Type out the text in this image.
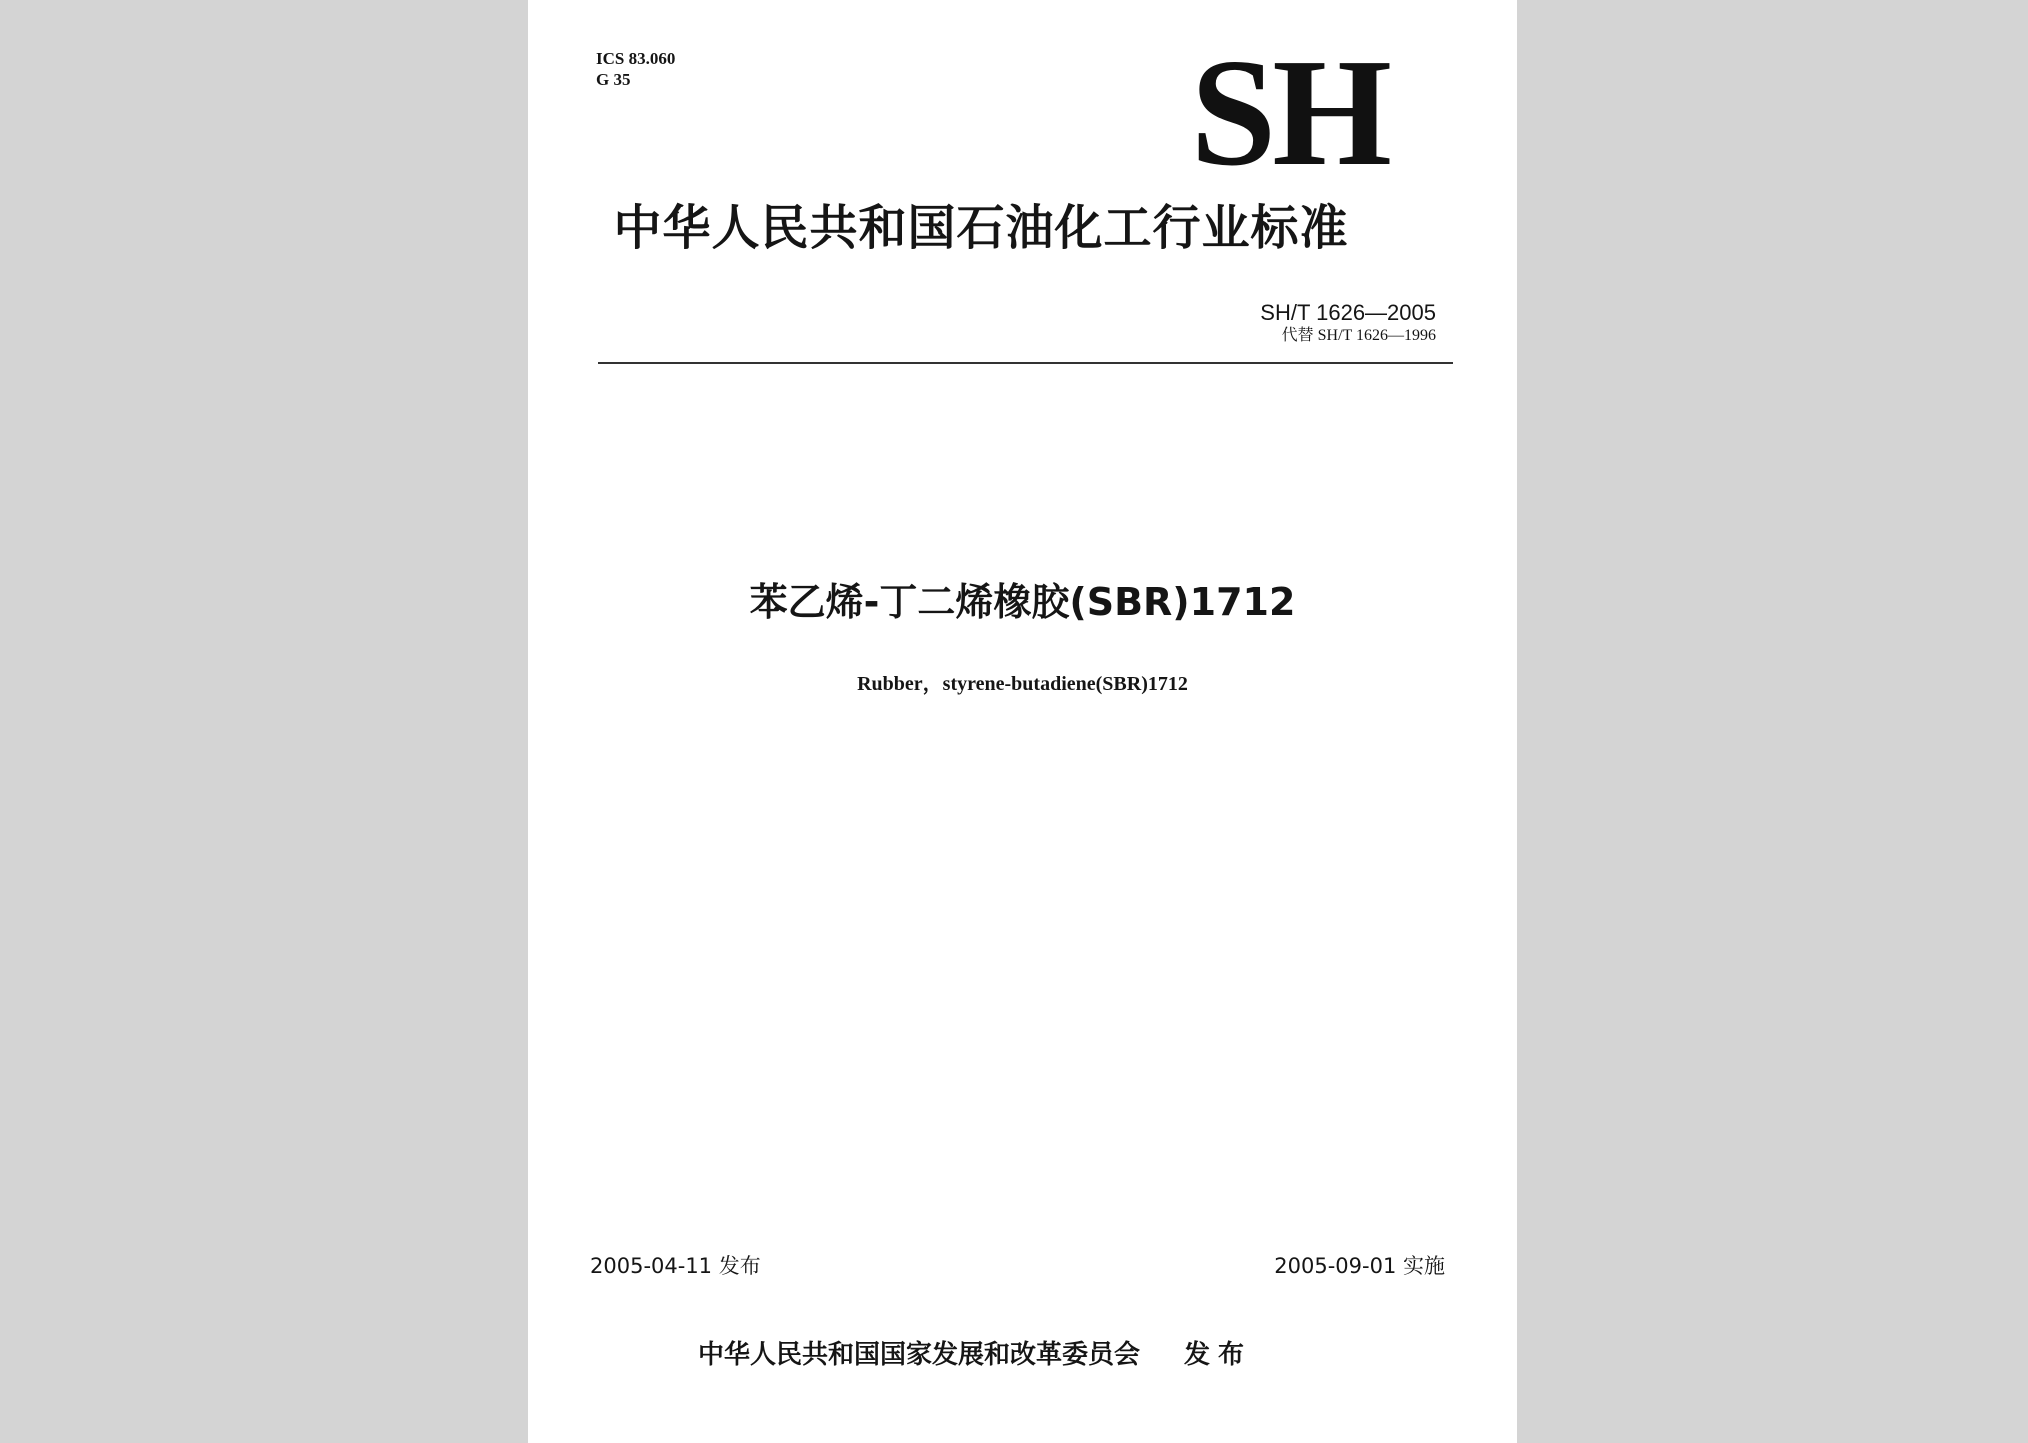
ICS 83.060
G 35	SH
中华人民共和国石油化工行业标准
SH/T 1626—2005
代替 SH/T 1626—1996
苯乙烯-丁二烯橡胶(SBR)1712
Rubber，styrene-butadiene(SBR)1712
2005-04-11 发布	2005-09-01 实施
中华人民共和国国家发展和改革委员会 发布
